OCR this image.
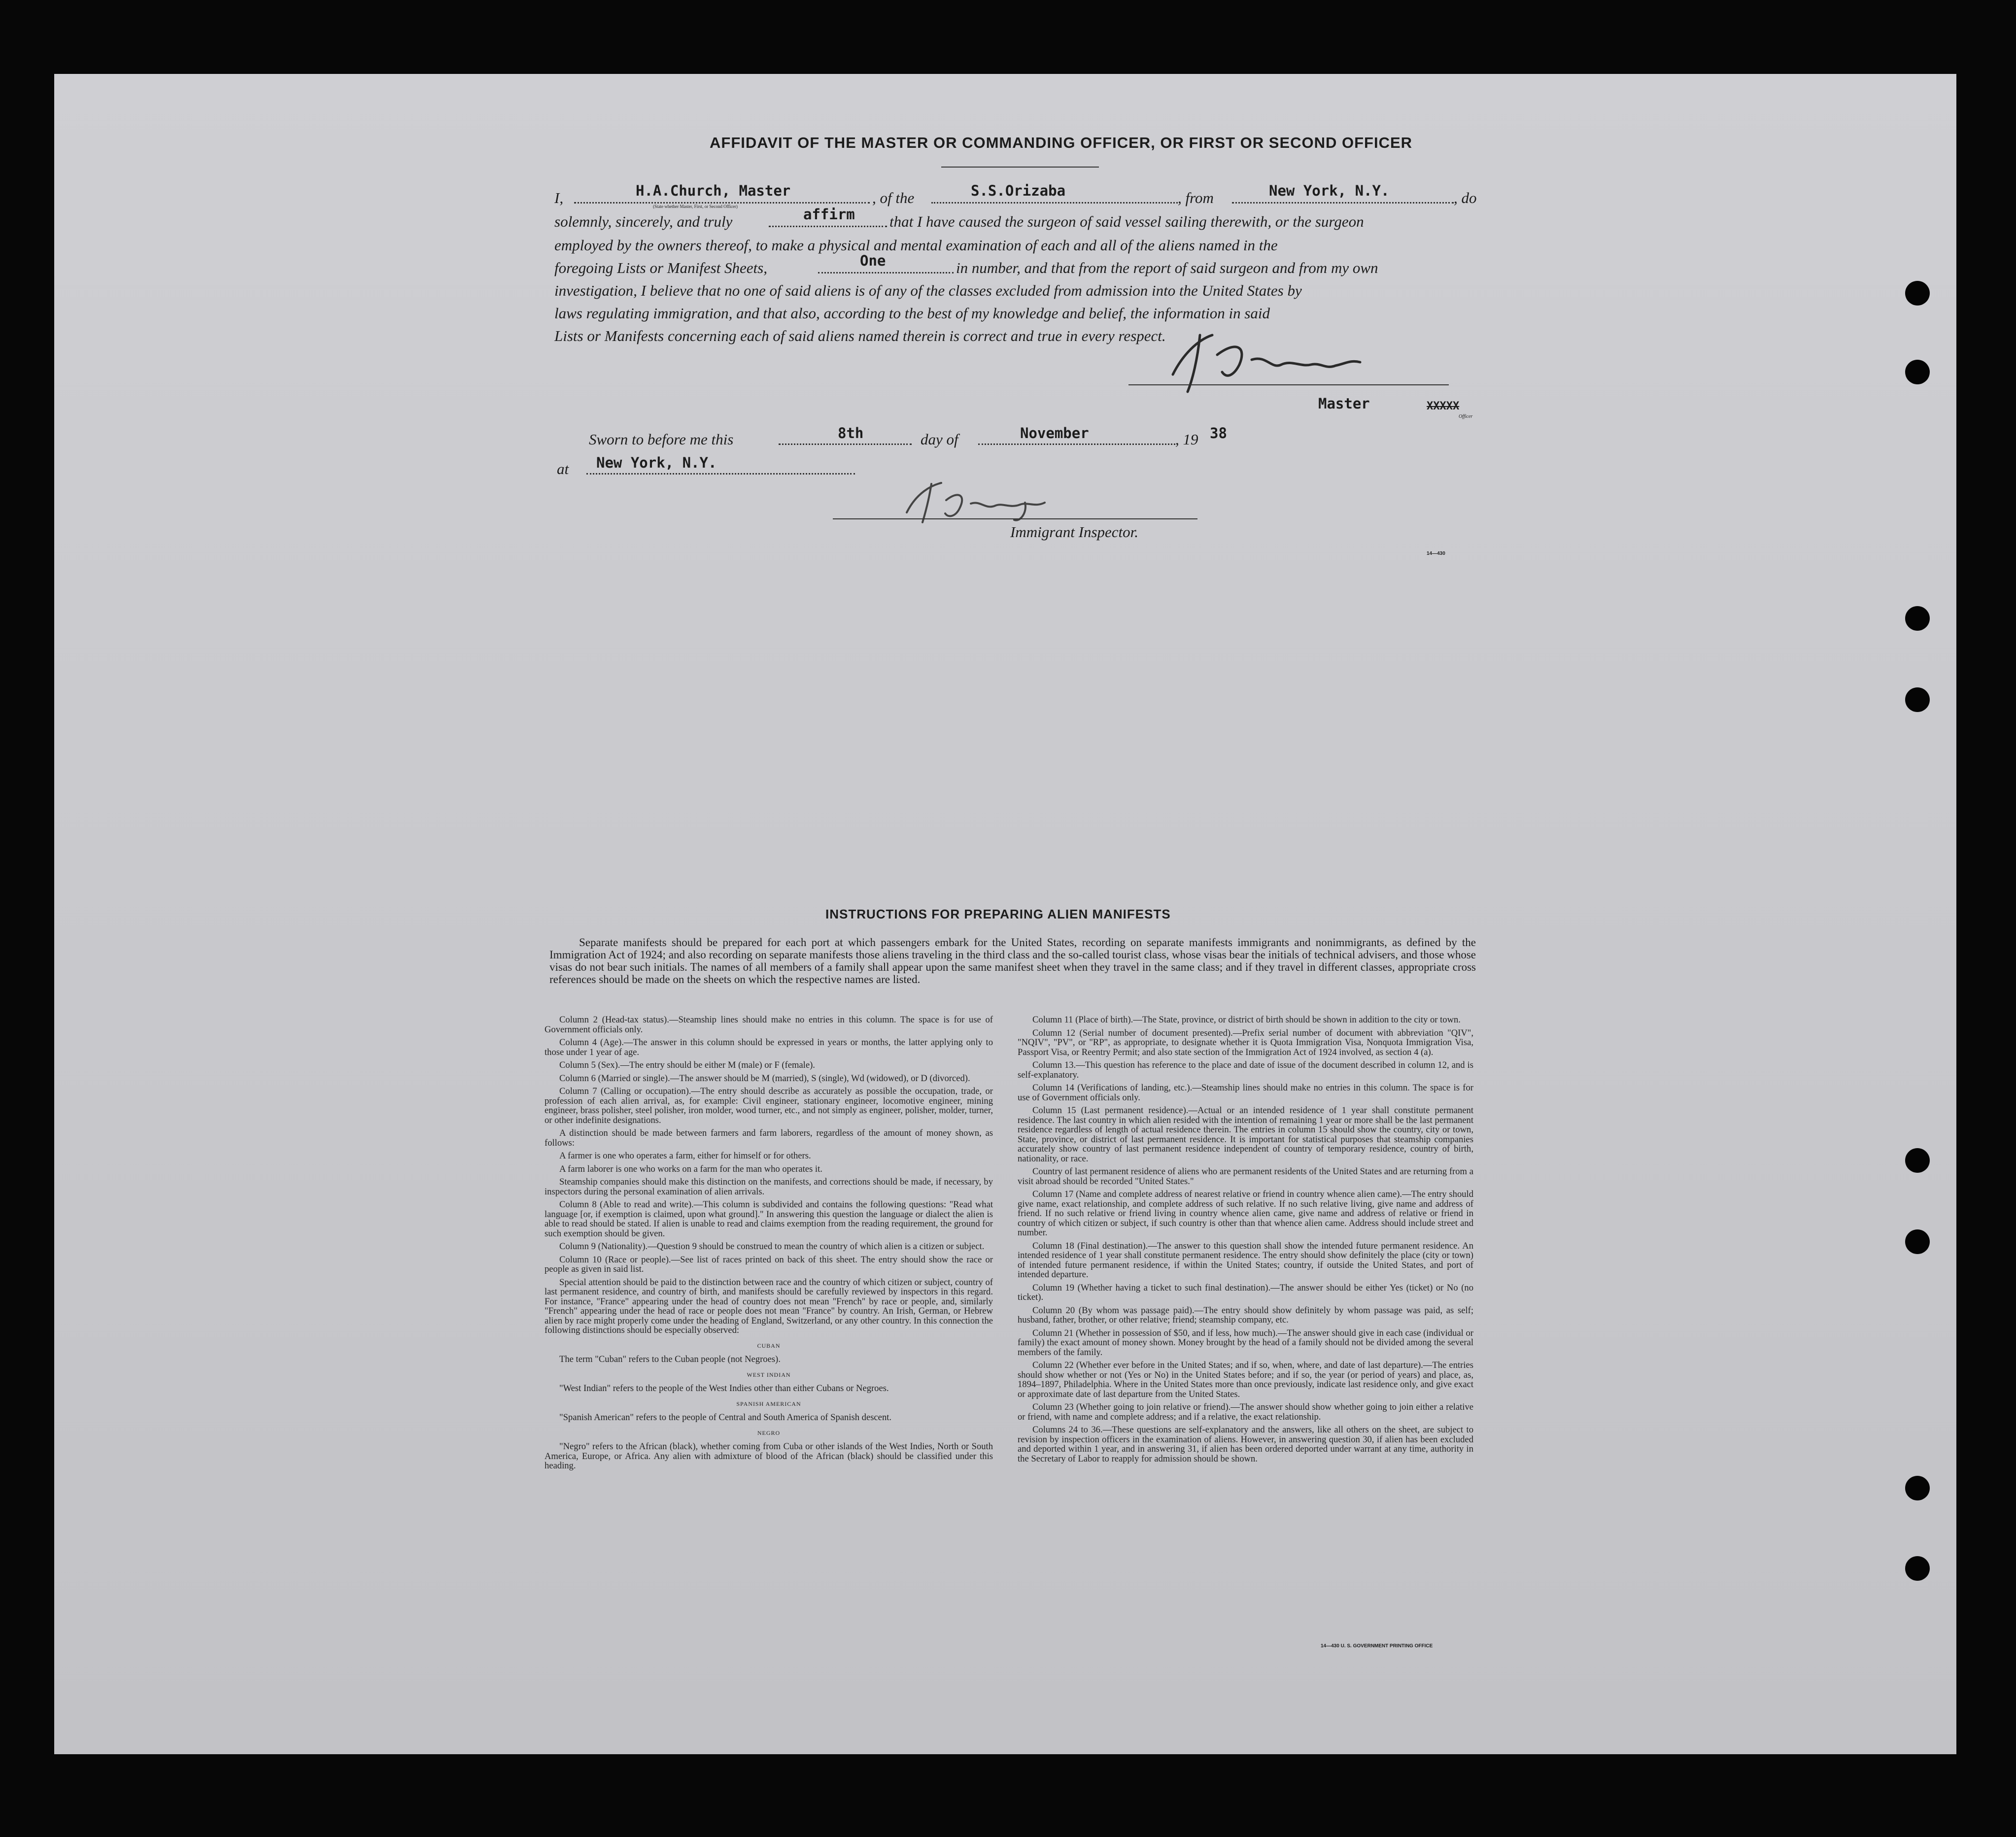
AFFIDAVIT OF THE MASTER OR COMMANDING OFFICER, OR FIRST OR SECOND OFFICER
I,	H.A.Church, Master
(State whether Master, First, or Second Officer)	, of the	S.S.Orizaba	, from	New York, N.Y.	, do
solemnly, sincerely, and truly	affirm that I have caused the surgeon of said vessel sailing therewith, or the surgeon
employed by the owners thereof, to make a physical and mental examination of each and all of the aliens named in the
foregoing Lists or Manifest Sheets,	One	in number, and that from the report of said surgeon and from my own
investigation, I believe that no one of said aliens is of any of the classes excluded from admission into the United States by
laws regulating immigration, and that also, according to the best of my knowledge and belief, the information in said
Lists or Manifests concerning each of said aliens named therein is correct and true in every respect.
Master	XXXXX
Officer
Sworn to before me this	8th	day of	November	, 19 38
at	New York, N.Y.
Immigrant Inspector.
14—430
INSTRUCTIONS FOR PREPARING ALIEN MANIFESTS
Separate manifests should be prepared for each port at which passengers embark for the United States, recording on separate manifests immigrants and nonimmigrants, as defined by the Immigration Act of 1924; and also recording on separate manifests those aliens traveling in the third class and the so-called tourist class, whose visas bear the initials of technical advisers, and those whose visas do not bear such initials. The names of all members of a family shall appear upon the same manifest sheet when they travel in the same class; and if they travel in different classes, appropriate cross references should be made on the sheets on which the respective names are listed.

Column 2 (Head-tax status).—Steamship lines should make no entries in this column. The space is for use of Government officials only.

Column 4 (Age).—The answer in this column should be expressed in years or months, the latter applying only to those under 1 year of age.

Column 5 (Sex).—The entry should be either M (male) or F (female).

Column 6 (Married or single).—The answer should be M (married), S (single), Wd (widowed), or D (divorced).

Column 7 (Calling or occupation).—The entry should describe as accurately as possible the occupation, trade, or profession of each alien arrival, as, for example: Civil engineer, stationary engineer, locomotive engineer, mining engineer, brass polisher, steel polisher, iron molder, wood turner, etc., and not simply as engineer, polisher, molder, turner, or other indefinite designations.

A distinction should be made between farmers and farm laborers, regardless of the amount of money shown, as follows:

A farmer is one who operates a farm, either for himself or for others.

A farm laborer is one who works on a farm for the man who operates it.

Steamship companies should make this distinction on the manifests, and corrections should be made, if necessary, by inspectors during the personal examination of alien arrivals.

Column 8 (Able to read and write).—This column is subdivided and contains the following questions: "Read what language [or, if exemption is claimed, upon what ground]." In answering this question the language or dialect the alien is able to read should be stated. If alien is unable to read and claims exemption from the reading requirement, the ground for such exemption should be given.

Column 9 (Nationality).—Question 9 should be construed to mean the country of which alien is a citizen or subject.

Column 10 (Race or people).—See list of races printed on back of this sheet. The entry should show the race or people as given in said list.

Special attention should be paid to the distinction between race and the country of which citizen or subject, country of last permanent residence, and country of birth, and manifests should be carefully reviewed by inspectors in this regard. For instance, "France" appearing under the head of country does not mean "French" by race or people, and, similarly "French" appearing under the head of race or people does not mean "France" by country. An Irish, German, or Hebrew alien by race might properly come under the heading of England, Switzerland, or any other country. In this connection the following distinctions should be especially observed:

CUBAN

The term "Cuban" refers to the Cuban people (not Negroes).

WEST INDIAN

"West Indian" refers to the people of the West Indies other than either Cubans or Negroes.

SPANISH AMERICAN

"Spanish American" refers to the people of Central and South America of Spanish descent.

NEGRO

"Negro" refers to the African (black), whether coming from Cuba or other islands of the West Indies, North or South America, Europe, or Africa. Any alien with admixture of blood of the African (black) should be classified under this heading.

Column 11 (Place of birth).—The State, province, or district of birth should be shown in addition to the city or town.

Column 12 (Serial number of document presented).—Prefix serial number of document with abbreviation "QIV", "NQIV", "PV", or "RP", as appropriate, to designate whether it is Quota Immigration Visa, Nonquota Immigration Visa, Passport Visa, or Reentry Permit; and also state section of the Immigration Act of 1924 involved, as section 4 (a).

Column 13.—This question has reference to the place and date of issue of the document described in column 12, and is self-explanatory.

Column 14 (Verifications of landing, etc.).—Steamship lines should make no entries in this column. The space is for use of Government officials only.

Column 15 (Last permanent residence).—Actual or an intended residence of 1 year shall constitute permanent residence. The last country in which alien resided with the intention of remaining 1 year or more shall be the last permanent residence regardless of length of actual residence therein. The entries in column 15 should show the country, city or town, State, province, or district of last permanent residence. It is important for statistical purposes that steamship companies accurately show country of last permanent residence independent of country of temporary residence, country of birth, nationality, or race.

Country of last permanent residence of aliens who are permanent residents of the United States and are returning from a visit abroad should be recorded "United States."

Column 17 (Name and complete address of nearest relative or friend in country whence alien came).—The entry should give name, exact relationship, and complete address of such relative. If no such relative living, give name and address of friend. If no such relative or friend living in country whence alien came, give name and address of relative or friend in country of which citizen or subject, if such country is other than that whence alien came. Address should include street and number.

Column 18 (Final destination).—The answer to this question shall show the intended future permanent residence. An intended residence of 1 year shall constitute permanent residence. The entry should show definitely the place (city or town) of intended future permanent residence, if within the United States; country, if outside the United States, and port of intended departure.

Column 19 (Whether having a ticket to such final destination).—The answer should be either Yes (ticket) or No (no ticket).

Column 20 (By whom was passage paid).—The entry should show definitely by whom passage was paid, as self; husband, father, brother, or other relative; friend; steamship company, etc.

Column 21 (Whether in possession of $50, and if less, how much).—The answer should give in each case (individual or family) the exact amount of money shown. Money brought by the head of a family should not be divided among the several members of the family.

Column 22 (Whether ever before in the United States; and if so, when, where, and date of last departure).—The entries should show whether or not (Yes or No) in the United States before; and if so, the year (or period of years) and place, as, 1894–1897, Philadelphia. Where in the United States more than once previously, indicate last residence only, and give exact or approximate date of last departure from the United States.

Column 23 (Whether going to join relative or friend).—The answer should show whether going to join either a relative or friend, with name and complete address; and if a relative, the exact relationship.

Columns 24 to 36.—These questions are self-explanatory and the answers, like all others on the sheet, are subject to revision by inspection officers in the examination of aliens. However, in answering question 30, if alien has been excluded and deported within 1 year, and in answering 31, if alien has been ordered deported under warrant at any time, authority in the Secretary of Labor to reapply for admission should be shown.

14—430 U. S. GOVERNMENT PRINTING OFFICE
